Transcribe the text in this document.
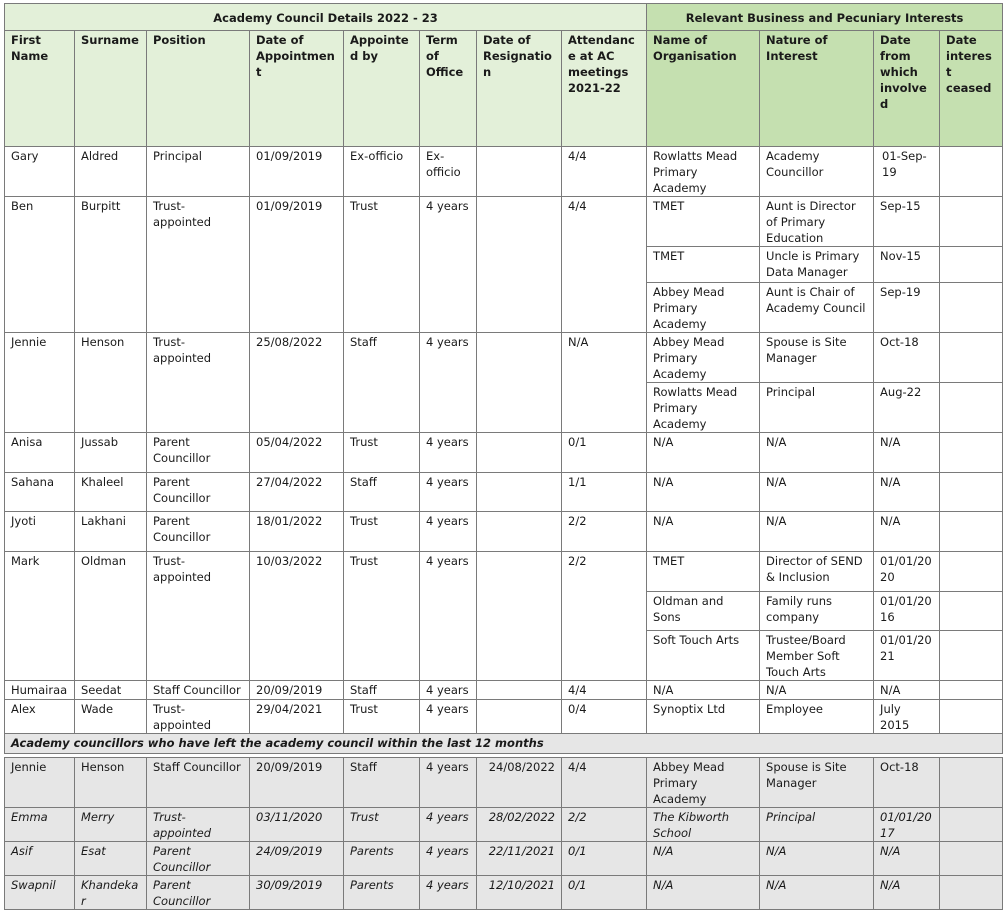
Academy Council Details 2022 - 23								Relevant Business and Pecuniary Interests			
First Name	Surname	Position	Date of Appointment	Appointed by	Term of Office	Date of Resignation	Attendance at AC meetings 2021-22	Name of Organisation	Nature of Interest	Date from which involved	Date interest ceased
Gary	Aldred	Principal	01/09/2019	Ex-officio	Ex-officio		4/4	Rowlatts Mead Primary Academy	Academy Councillor	01-Sep-19	
Ben	Burpitt	Trust-appointed	01/09/2019	Trust	4 years		4/4	TMET	Aunt is Director of Primary Education	Sep-15	
								TMET	Uncle is Primary Data Manager	Nov-15	
								Abbey Mead Primary Academy	Aunt is Chair of Academy Council	Sep-19	
Jennie	Henson	Trust-appointed	25/08/2022	Staff	4 years		N/A	Abbey Mead Primary Academy	Spouse is Site Manager	Oct-18	
								Rowlatts Mead Primary Academy	Principal	Aug-22	
Anisa	Jussab	Parent Councillor	05/04/2022	Trust	4 years		0/1	N/A	N/A	N/A	
Sahana	Khaleel	Parent Councillor	27/04/2022	Staff	4 years		1/1	N/A	N/A	N/A	
Jyoti	Lakhani	Parent Councillor	18/01/2022	Trust	4 years		2/2	N/A	N/A	N/A	
Mark	Oldman	Trust-appointed	10/03/2022	Trust	4 years		2/2	TMET	Director of SEND & Inclusion	01/01/2020	
								Oldman and Sons	Family runs company	01/01/2016	
								Soft Touch Arts	Trustee/Board Member Soft Touch Arts	01/01/2021	
Humairaa	Seedat	Staff Councillor	20/09/2019	Staff	4 years		4/4	N/A	N/A	N/A	
Alex	Wade	Trust-appointed	29/04/2021	Trust	4 years		0/4	Synoptix Ltd	Employee	July 2015	
Academy councillors who have left the academy council within the last 12 months											

Jennie	Henson	Staff Councillor	20/09/2019	Staff	4 years	24/08/2022	4/4	Abbey Mead Primary Academy	Spouse is Site Manager	Oct-18	
Emma	Merry	Trust-appointed	03/11/2020	Trust	4 years	28/02/2022	2/2	The Kibworth School	Principal	01/01/2017	
Asif	Esat	Parent Councillor	24/09/2019	Parents	4 years	22/11/2021	0/1	N/A	N/A	N/A	
Swapnil	Khandekar	Parent Councillor	30/09/2019	Parents	4 years	12/10/2021	0/1	N/A	N/A	N/A	
